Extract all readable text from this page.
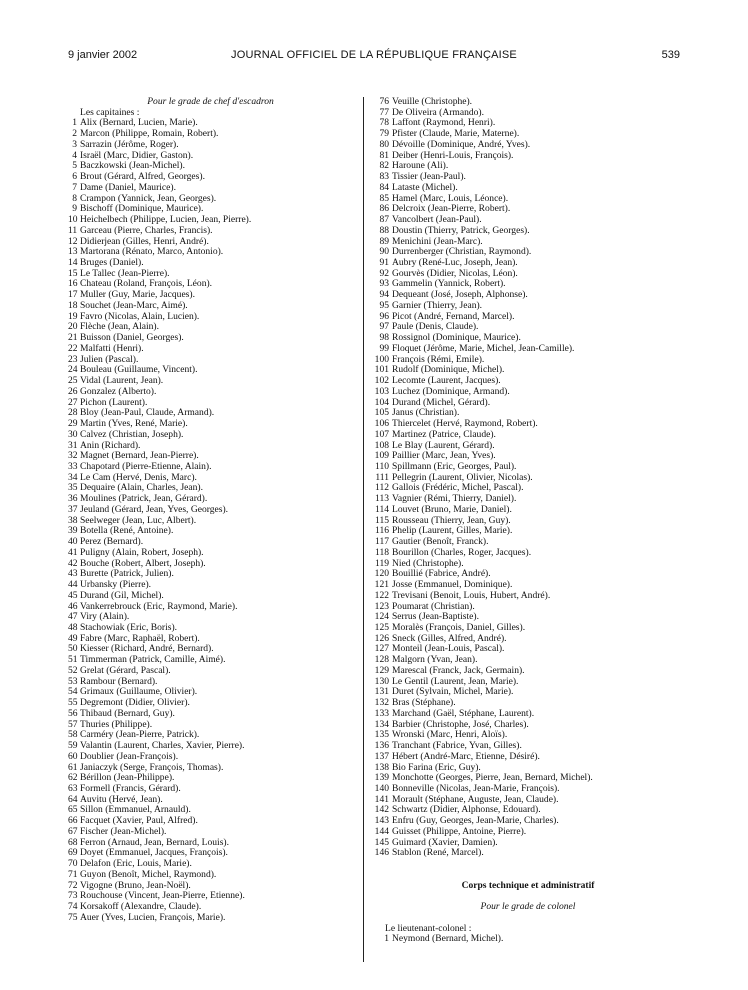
9 janvier 2002	JOURNAL OFFICIEL DE LA RÉPUBLIQUE FRANÇAISE	539
Pour le grade de chef d'escadron
Les capitaines :
1 Alix (Bernard, Lucien, Marie).
2 Marcon (Philippe, Romain, Robert).
3 Sarrazin (Jérôme, Roger).
4 Israël (Marc, Didier, Gaston).
5 Baczkowski (Jean-Michel).
6 Brout (Gérard, Alfred, Georges).
7 Dame (Daniel, Maurice).
8 Crampon (Yannick, Jean, Georges).
9 Bischoff (Dominique, Maurice).
10 Heichelbech (Philippe, Lucien, Jean, Pierre).
11 Garceau (Pierre, Charles, Francis).
12 Didierjean (Gilles, Henri, André).
13 Martorana (Rénato, Marco, Antonio).
14 Bruges (Daniel).
15 Le Tallec (Jean-Pierre).
16 Chateau (Roland, François, Léon).
17 Muller (Guy, Marie, Jacques).
18 Souchet (Jean-Marc, Aimé).
19 Favro (Nicolas, Alain, Lucien).
20 Flèche (Jean, Alain).
21 Buisson (Daniel, Georges).
22 Malfatti (Henri).
23 Julien (Pascal).
24 Bouleau (Guillaume, Vincent).
25 Vidal (Laurent, Jean).
26 Gonzalez (Alberto).
27 Pichon (Laurent).
28 Bloy (Jean-Paul, Claude, Armand).
29 Martin (Yves, René, Marie).
30 Calvez (Christian, Joseph).
31 Anin (Richard).
32 Magnet (Bernard, Jean-Pierre).
33 Chapotard (Pierre-Etienne, Alain).
34 Le Cam (Hervé, Denis, Marc).
35 Dequaire (Alain, Charles, Jean).
36 Moulines (Patrick, Jean, Gérard).
37 Jeuland (Gérard, Jean, Yves, Georges).
38 Seelweger (Jean, Luc, Albert).
39 Botella (René, Antoine).
40 Perez (Bernard).
41 Puligny (Alain, Robert, Joseph).
42 Bouche (Robert, Albert, Joseph).
43 Burette (Patrick, Julien).
44 Urbansky (Pierre).
45 Durand (Gil, Michel).
46 Vankerrebrouck (Eric, Raymond, Marie).
47 Viry (Alain).
48 Stachowiak (Eric, Boris).
49 Fabre (Marc, Raphaël, Robert).
50 Kiesser (Richard, André, Bernard).
51 Timmerman (Patrick, Camille, Aimé).
52 Grelat (Gérard, Pascal).
53 Rambour (Bernard).
54 Grimaux (Guillaume, Olivier).
55 Degremont (Didier, Olivier).
56 Thibaud (Bernard, Guy).
57 Thuries (Philippe).
58 Carméry (Jean-Pierre, Patrick).
59 Valantin (Laurent, Charles, Xavier, Pierre).
60 Doublier (Jean-François).
61 Janiaczyk (Serge, François, Thomas).
62 Bérillon (Jean-Philippe).
63 Formell (Francis, Gérard).
64 Auvitu (Hervé, Jean).
65 Sillon (Emmanuel, Arnauld).
66 Facquet (Xavier, Paul, Alfred).
67 Fischer (Jean-Michel).
68 Ferron (Arnaud, Jean, Bernard, Louis).
69 Doyet (Emmanuel, Jacques, François).
70 Delafon (Eric, Louis, Marie).
71 Guyon (Benoît, Michel, Raymond).
72 Vigogne (Bruno, Jean-Noël).
73 Rouchouse (Vincent, Jean-Pierre, Etienne).
74 Korsakoff (Alexandre, Claude).
75 Auer (Yves, Lucien, François, Marie).
76 Veuille (Christophe).
77 De Oliveira (Armando).
78 Laffont (Raymond, Henri).
79 Pfister (Claude, Marie, Materne).
80 Dévoille (Dominique, André, Yves).
81 Deiber (Henri-Louis, François).
82 Haroune (Ali).
83 Tissier (Jean-Paul).
84 Lataste (Michel).
85 Hamel (Marc, Louis, Léonce).
86 Delcroix (Jean-Pierre, Robert).
87 Vancolbert (Jean-Paul).
88 Doustin (Thierry, Patrick, Georges).
89 Menichini (Jean-Marc).
90 Durrenberger (Christian, Raymond).
91 Aubry (René-Luc, Joseph, Jean).
92 Gourvès (Didier, Nicolas, Léon).
93 Gammelin (Yannick, Robert).
94 Dequeant (José, Joseph, Alphonse).
95 Garnier (Thierry, Jean).
96 Picot (André, Fernand, Marcel).
97 Paule (Denis, Claude).
98 Rossignol (Dominique, Maurice).
99 Floquet (Jérôme, Marie, Michel, Jean-Camille).
100 François (Rémi, Emile).
101 Rudolf (Dominique, Michel).
102 Lecomte (Laurent, Jacques).
103 Luchez (Dominique, Armand).
104 Durand (Michel, Gérard).
105 Janus (Christian).
106 Thiercelet (Hervé, Raymond, Robert).
107 Martinez (Patrice, Claude).
108 Le Blay (Laurent, Gérard).
109 Paillier (Marc, Jean, Yves).
110 Spillmann (Eric, Georges, Paul).
111 Pellegrin (Laurent, Olivier, Nicolas).
112 Gallois (Frédéric, Michel, Pascal).
113 Vagnier (Rémi, Thierry, Daniel).
114 Louvet (Bruno, Marie, Daniel).
115 Rousseau (Thierry, Jean, Guy).
116 Phelip (Laurent, Gilles, Marie).
117 Gautier (Benoît, Franck).
118 Bourillon (Charles, Roger, Jacques).
119 Nied (Christophe).
120 Bouillié (Fabrice, André).
121 Josse (Emmanuel, Dominique).
122 Trevisani (Benoit, Louis, Hubert, André).
123 Poumarat (Christian).
124 Serrus (Jean-Baptiste).
125 Moralès (François, Daniel, Gilles).
126 Sneck (Gilles, Alfred, André).
127 Monteil (Jean-Louis, Pascal).
128 Malgorn (Yvan, Jean).
129 Marescal (Franck, Jack, Germain).
130 Le Gentil (Laurent, Jean, Marie).
131 Duret (Sylvain, Michel, Marie).
132 Bras (Stéphane).
133 Marchand (Gaël, Stéphane, Laurent).
134 Barbier (Christophe, José, Charles).
135 Wronski (Marc, Henri, Aloïs).
136 Tranchant (Fabrice, Yvan, Gilles).
137 Hébert (André-Marc, Etienne, Désiré).
138 Bio Farina (Eric, Guy).
139 Monchotte (Georges, Pierre, Jean, Bernard, Michel).
140 Bonneville (Nicolas, Jean-Marie, François).
141 Morault (Stéphane, Auguste, Jean, Claude).
142 Schwartz (Didier, Alphonse, Edouard).
143 Enfru (Guy, Georges, Jean-Marie, Charles).
144 Guisset (Philippe, Antoine, Pierre).
145 Guimard (Xavier, Damien).
146 Stablon (René, Marcel).
Corps technique et administratif
Pour le grade de colonel
Le lieutenant-colonel :
1 Neymond (Bernard, Michel).
